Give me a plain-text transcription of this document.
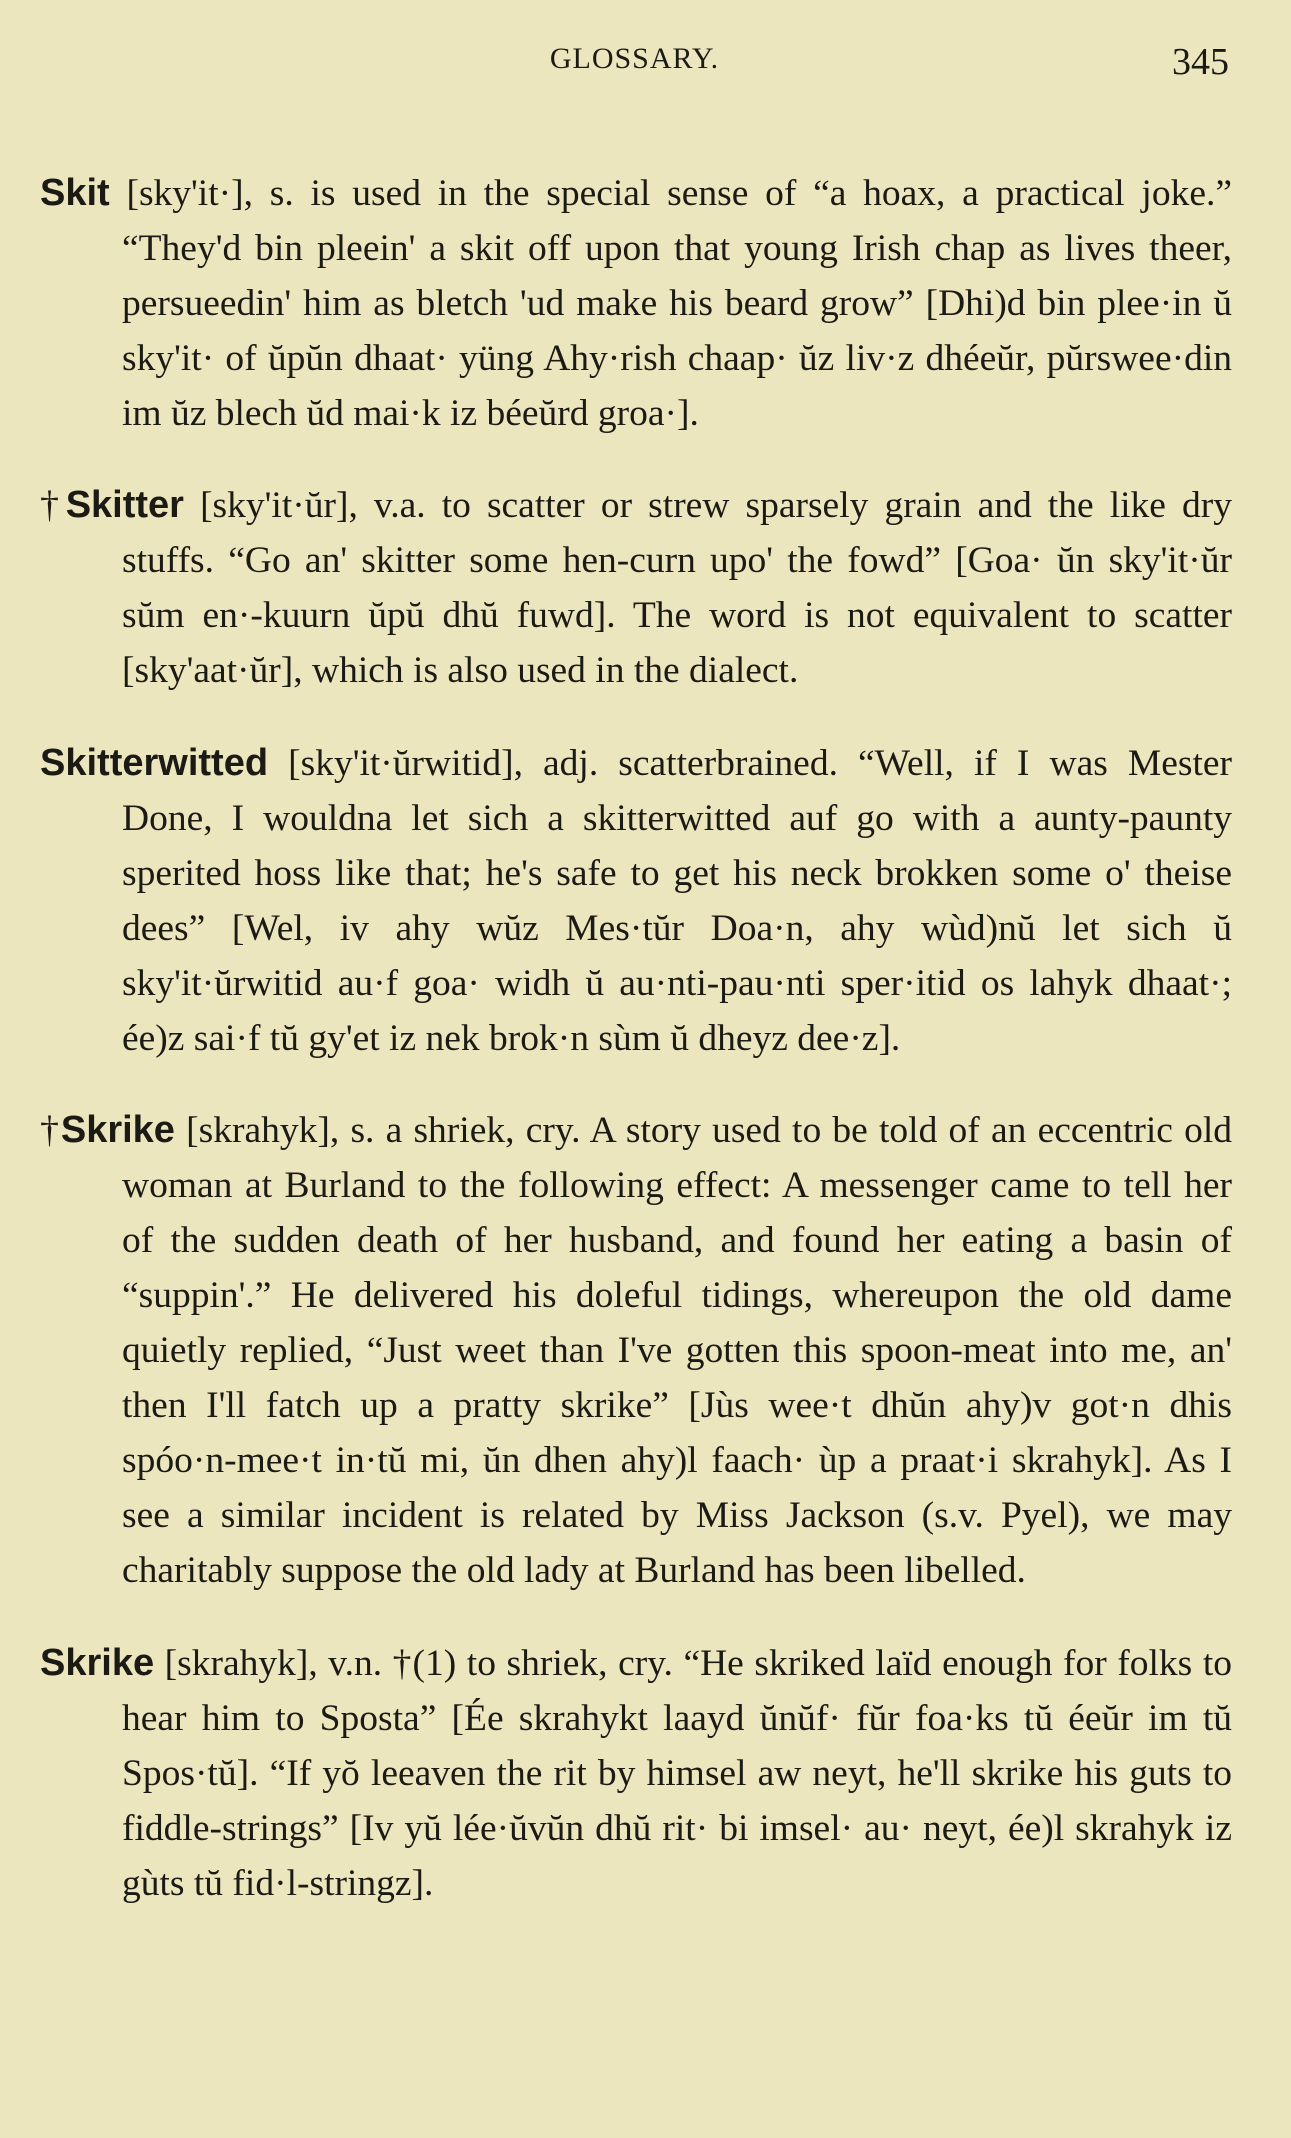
GLOSSARY.	345

Skit [sky'it·], s. is used in the special sense of “a hoax, a practical joke.” “They'd bin pleein' a skit off upon that young Irish chap as lives theer, persueedin' him as bletch 'ud make his beard grow” [Dhi)d bin plee·in ŭ sky'it· of ŭpŭn dhaat· yüng Ahy·rish chaap· ŭz liv·z dhéeŭr, pŭrswee·din im ŭz blech ŭd mai·k iz béeŭrd groa·].

†Skitter [sky'it·ŭr], v.a. to scatter or strew sparsely grain and the like dry stuffs. “Go an' skitter some hen-curn upo' the fowd” [Goa· ŭn sky'it·ŭr sŭm en·-kuurn ŭpŭ dhŭ fuwd]. The word is not equivalent to scatter [sky'aat·ŭr], which is also used in the dialect.

Skitterwitted [sky'it·ŭrwitid], adj. scatterbrained. “Well, if I was Mester Done, I wouldna let sich a skitterwitted auf go with a aunty-paunty sperited hoss like that; he's safe to get his neck brokken some o' theise dees” [Wel, iv ahy wŭz Mes·tŭr Doa·n, ahy wùd)nŭ let sich ŭ sky'it·ŭrwitid au·f goa· widh ŭ au·nti-pau·nti sper·itid os lahyk dhaat·; ée)z sai·f tŭ gy'et iz nek brok·n sùm ŭ dheyz dee·z].

†Skrike [skrahyk], s. a shriek, cry. A story used to be told of an eccentric old woman at Burland to the following effect: A messenger came to tell her of the sudden death of her husband, and found her eating a basin of “suppin'.” He delivered his doleful tidings, whereupon the old dame quietly replied, “Just weet than I've gotten this spoon-meat into me, an' then I'll fatch up a pratty skrike” [Jùs wee·t dhŭn ahy)v got·n dhis spóo·n-mee·t in·tŭ mi, ŭn dhen ahy)l faach· ùp a praat·i skrahyk]. As I see a similar incident is related by Miss Jackson (s.v. Pyel), we may charitably suppose the old lady at Burland has been libelled.

Skrike [skrahyk], v.n. †(1) to shriek, cry. “He skriked laïd enough for folks to hear him to Sposta” [Ée skrahykt laayd ŭnŭf· fŭr foa·ks tŭ éeŭr im tŭ Spos·tŭ]. “If yŏ leeaven the rit by himsel aw neyt, he'll skrike his guts to fiddle-strings” [Iv yŭ lée·ŭvŭn dhŭ rit· bi imsel· au· neyt, ée)l skrahyk iz gùts tŭ fid·l-stringz].
